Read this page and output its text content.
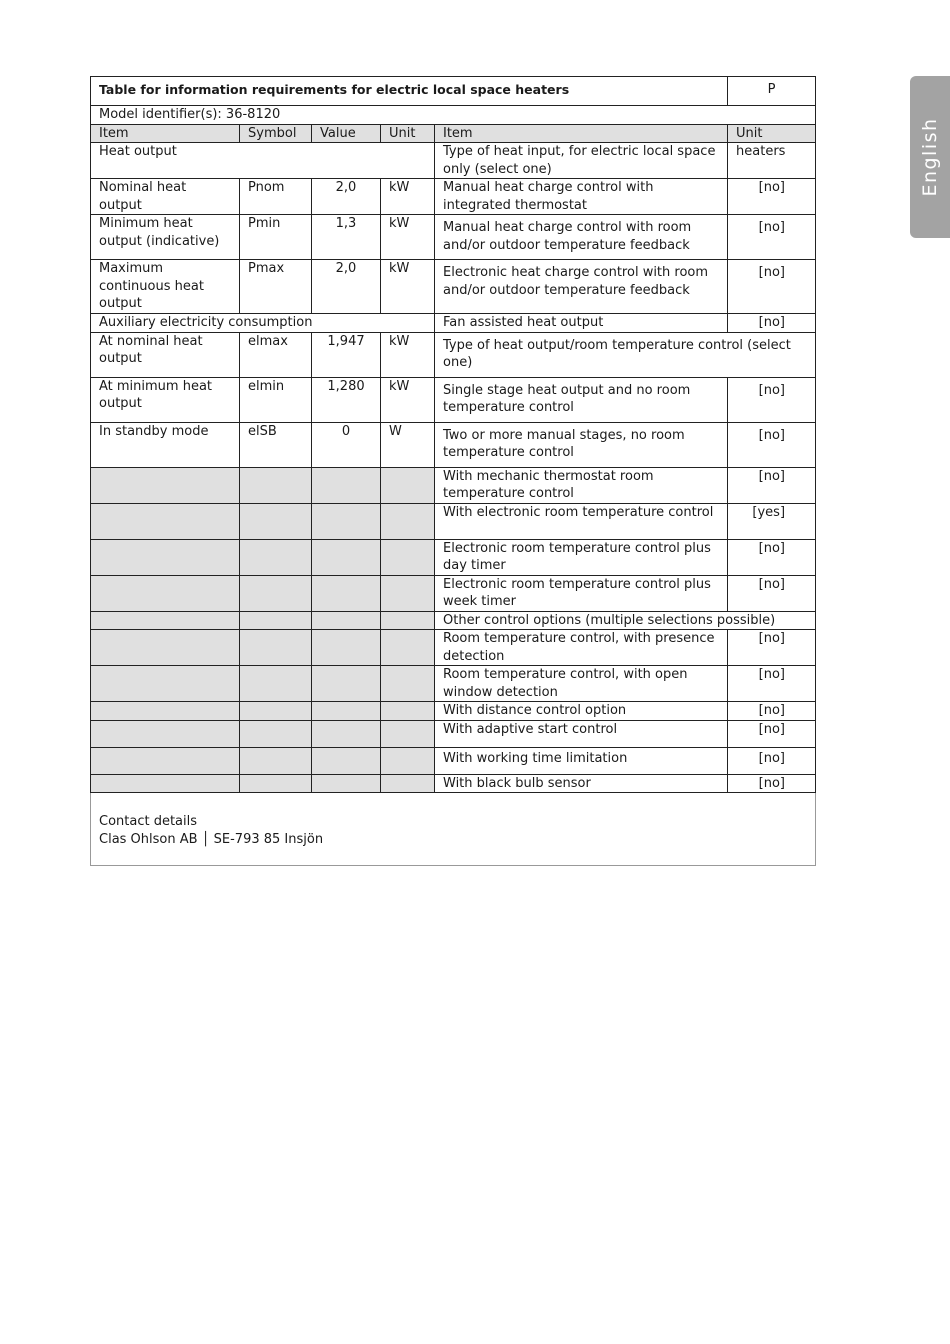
English
Table for information requirements for electric local space heaters					P
Model identifier(s): 36-8120					
Item	Symbol	Value	Unit	Item	Unit
Heat output				Type of heat input, for electric local space only (select one)	heaters
Nominal heat output	Pnom	2,0	kW	Manual heat charge control with integrated thermostat	[no]
Minimum heat output (indicative)	Pmin	1,3	kW	Manual heat charge control with room and/or outdoor temperature feedback	[no]
Maximum continuous heat output	Pmax	2,0	kW	Electronic heat charge control with room and/or outdoor temperature feedback	[no]
Auxiliary electricity consumption				Fan assisted heat output	[no]
At nominal heat output	elmax	1,947	kW	Type of heat output/room temperature control (select one)	
At minimum heat output	elmin	1,280	kW	Single stage heat output and no room temperature control	[no]
In standby mode	elSB	0	W	Two or more manual stages, no room temperature control	[no]
				With mechanic thermostat room temperature control	[no]
				With electronic room temperature control	[yes]
				Electronic room temperature control plus day timer	[no]
				Electronic room temperature control plus week timer	[no]
				Other control options (multiple selections possible)	
				Room temperature control, with presence detection	[no]
				Room temperature control, with open window detection	[no]
				With distance control option	[no]
				With adaptive start control	[no]
				With working time limitation	[no]
				With black bulb sensor	[no]

Contact details
Clas Ohlson AB │ SE-793 85 Insjön					
